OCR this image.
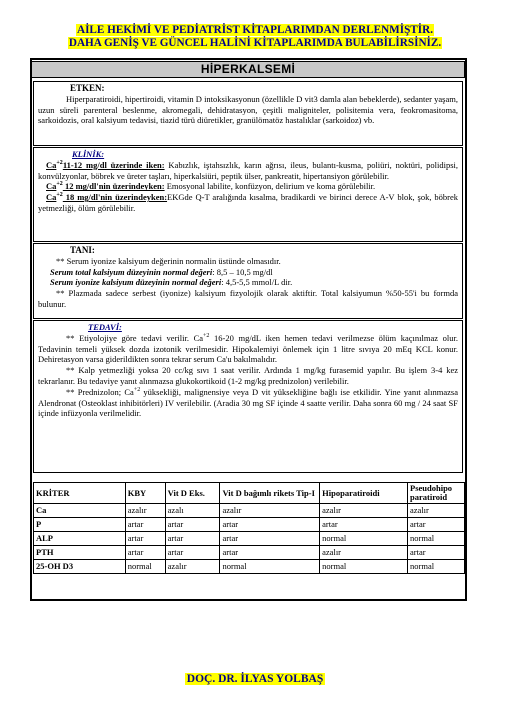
AİLE HEKİMİ VE PEDİATRİST KİTAPLARIMDAN DERLENMİŞTİR.
DAHA GENİŞ VE GÜNCEL HALİNİ KİTAPLARIMDA BULABİLİRSİNİZ.
HİPERKALSEMİ

ETKEN:

Hiperparatiroidi, hipertiroidi, vitamin D intoksikasyonun (özellikle D vit3 damla alan bebeklerde), sedanter yaşam, uzun süreli parenteral beslenme, akromegali, dehidratasyon, çeşitli maligniteler, polisitemia vera, feokromasitoma, sarkoidozis, oral kalsiyum tedavisi, tiazid türü diüretikler, granülömatöz hastalıklar (sarkoidoz) vb.

KLİNİK:

$Ca^{+2}11-12$ mg/dl üzerinde iken: Kabızlık, iştahsızlık, karın ağrısı, ileus, bulantı-kusma, poliüri, noktüri, polidipsi, konvülzyonlar, böbrek ve üreter taşları, hiperkalsiüri, peptik ülser, pankreatit, hipertansiyon görülebilir.

$Ca^{+2}$ 12 mg/dl'nin üzerindeyken: Emosyonal labilite, konfüzyon, delirium ve koma görülebilir.

$Ca^{+2}$ 18 mg/dl'nin üzerindeyken:EKGde Q-T aralığında kısalma, bradikardi ve birinci derece A-V blok, şok, böbrek yetmezliği, ölüm görülebilir.

TANI:

** Serum iyonize kalsiyum değerinin normalin üstünde olmasıdır.

Serum total kalsiyum düzeyinin normal değeri: 8,5 – 10,5 mg/dl

Serum iyonize kalsiyum düzeyinin normal değeri: 4,5-5,5 mmol/L dir.

** Plazmada sadece serbest (iyonize) kalsiyum fizyolojik olarak aktiftir. Total kalsiyumun %50-55'i bu formda bulunur.

TEDAVİ:

** Etiyolojiye göre tedavi verilir. $Ca^{+2}$ 16-20 mg/dL iken hemen tedavi verilmezse ölüm kaçınılmaz olur. Tedavinin temeli yüksek dozda izotonik verilmesidir. Hipokalemiyi önlemek için 1 litre sıvıya 20 mEq KCL konur. Dehiretasyon varsa giderildikten sonra tekrar serum Ca'u bakılmalıdır.

** Kalp yetmezliği yoksa 20 cc/kg sıvı 1 saat verilir. Ardında 1 mg/kg furasemid yapılır. Bu işlem 3-4 kez tekrarlanır. Bu tedaviye yanıt alınmazsa glukokortikoid (1-2 mg/kg prednizolon) verilebilir.

** Prednizolon; $Ca^{+2}$ yüksekliği, malignensiye veya D vit yüksekliğine bağlı ise etkilidir. Yine yanıt alınmazsa Alendronat (Osteoklast inhibitörleri) IV verilebilir. (Aradia 30 mg SF içinde 4 saatte verilir. Daha sonra 60 mg / 24 saat SF içinde infüzyonla verilmelidir.

KRİTER	KBY	Vit D Eks.	Vit D bağımlı rikets Tip-I	Hipoparatiroidi	Pseudohipo paratiroid
Ca	azalır	azalı	azalır	azalır	azalır
P	artar	artar	artar	artar	artar
ALP	artar	artar	artar	normal	normal
PTH	artar	artar	artar	azalır	artar
25-OH D3	normal	azalır	normal	normal	normal
DOÇ. DR. İLYAS YOLBAŞ
